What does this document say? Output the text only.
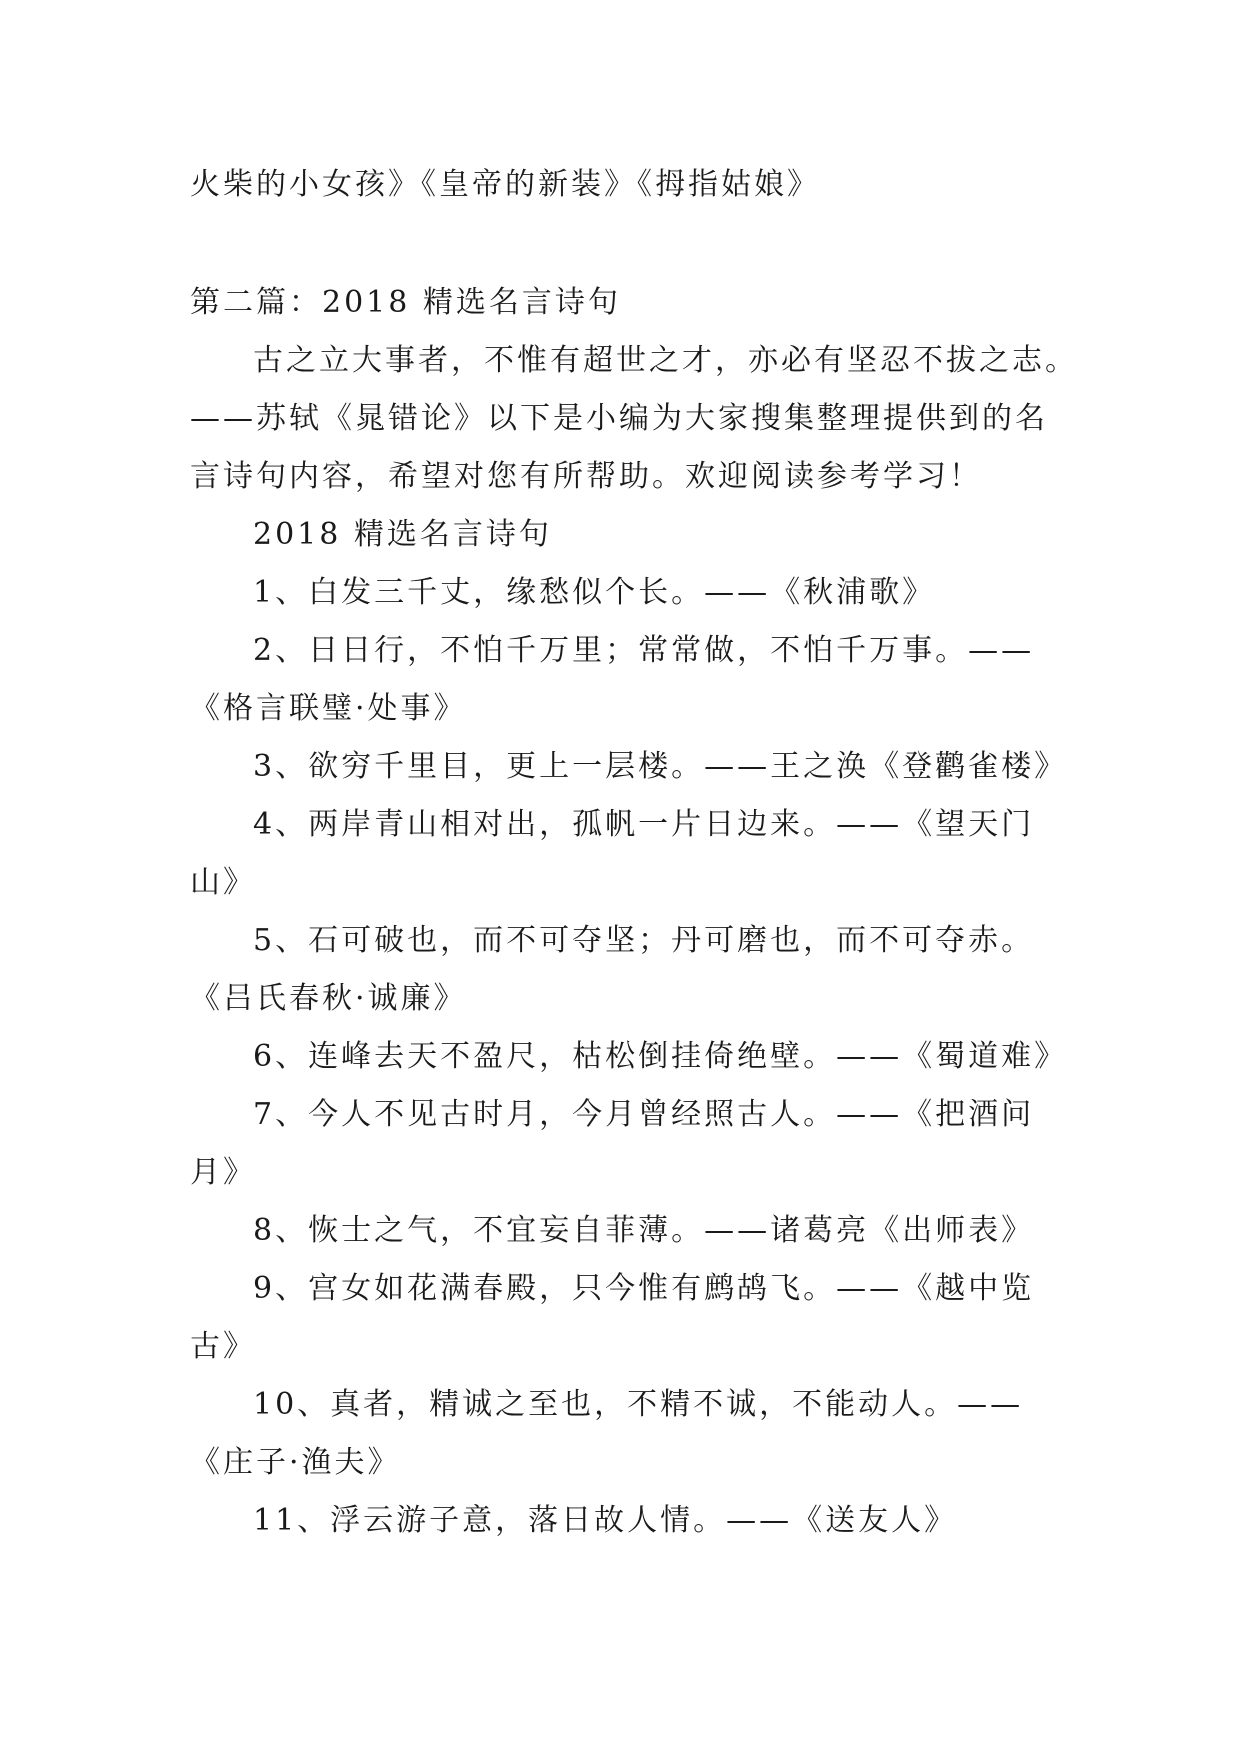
火柴的小女孩》《皇帝的新装》《拇指姑娘》
第二篇：2018 精选名言诗句
古之立大事者，不惟有超世之才，亦必有坚忍不拔之志。
——苏轼《晁错论》以下是小编为大家搜集整理提供到的名
言诗句内容，希望对您有所帮助。欢迎阅读参考学习！
2018 精选名言诗句
1、白发三千丈，缘愁似个长。——《秋浦歌》
2、日日行，不怕千万里；常常做，不怕千万事。——
《格言联璧·处事》
3、欲穷千里目，更上一层楼。——王之涣《登鹳雀楼》
4、两岸青山相对出，孤帆一片日边来。——《望天门
山》
5、石可破也，而不可夺坚；丹可磨也，而不可夺赤。
《吕氏春秋·诚廉》
6、连峰去天不盈尺，枯松倒挂倚绝壁。——《蜀道难》
7、今人不见古时月，今月曾经照古人。——《把酒问
月》
8、恢士之气，不宜妄自菲薄。——诸葛亮《出师表》
9、宫女如花满春殿，只今惟有鹧鸪飞。——《越中览
古》
10、真者，精诚之至也，不精不诚，不能动人。——
《庄子·渔夫》
11、浮云游子意，落日故人情。——《送友人》
